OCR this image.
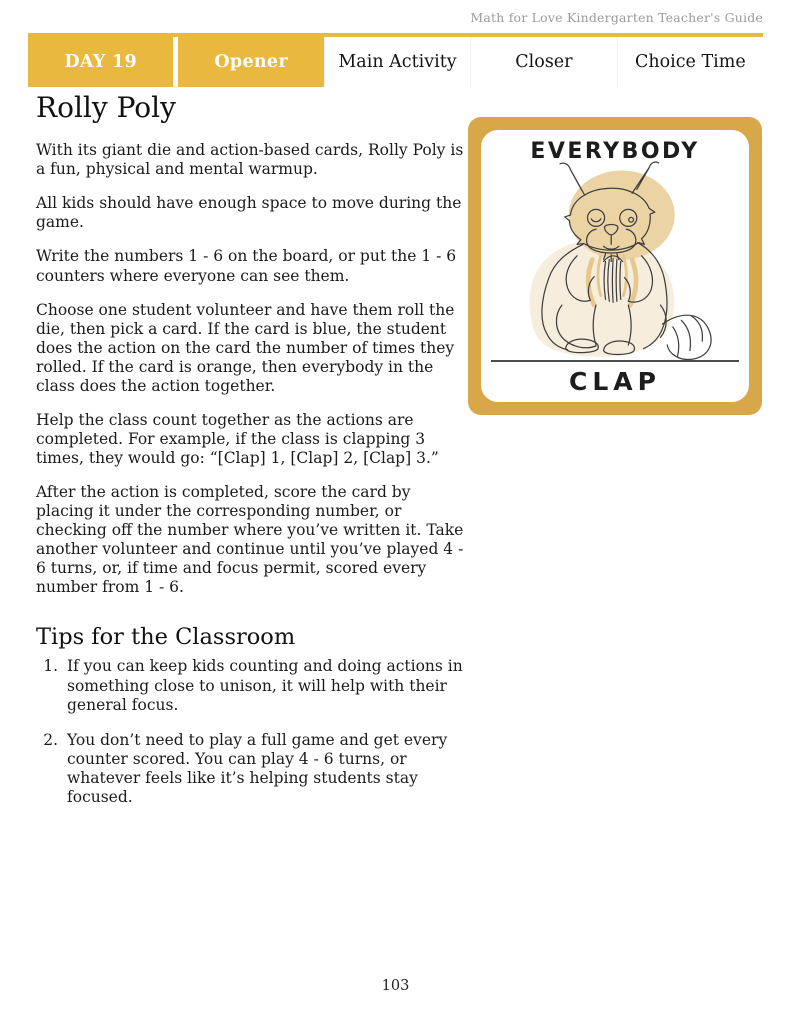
Math for Love Kindergarten Teacher's Guide
DAY 19	Opener	Main Activity	Closer	Choice Time
Rolly Poly

With its giant die and action-based cards, Rolly Poly is a fun, physical and mental warmup.

All kids should have enough space to move during the game.

Write the numbers 1 - 6 on the board, or put the 1 - 6 counters where everyone can see them.

Choose one student volunteer and have them roll the die, then pick a card. If the card is blue, the student does the action on the card the number of times they rolled. If the card is orange, then everybody in the class does the action together.

Help the class count together as the actions are completed. For example, if the class is clapping 3 times, they would go: “[Clap] 1, [Clap] 2, [Clap] 3.”

After the action is completed, score the card by placing it under the corresponding number, or checking off the number where you’ve written it. Take another volunteer and continue until you’ve played 4 - 6 turns, or, if time and focus permit, scored every number from 1 - 6.

Tips for the Classroom
1. If you can keep kids counting and doing actions in something close to unison, it will help with their general focus.
2. You don’t need to play a full game and get every counter scored. You can play 4 - 6 turns, or whatever feels like it’s helping students stay focused.
EVERYBODY
CLAP
103
